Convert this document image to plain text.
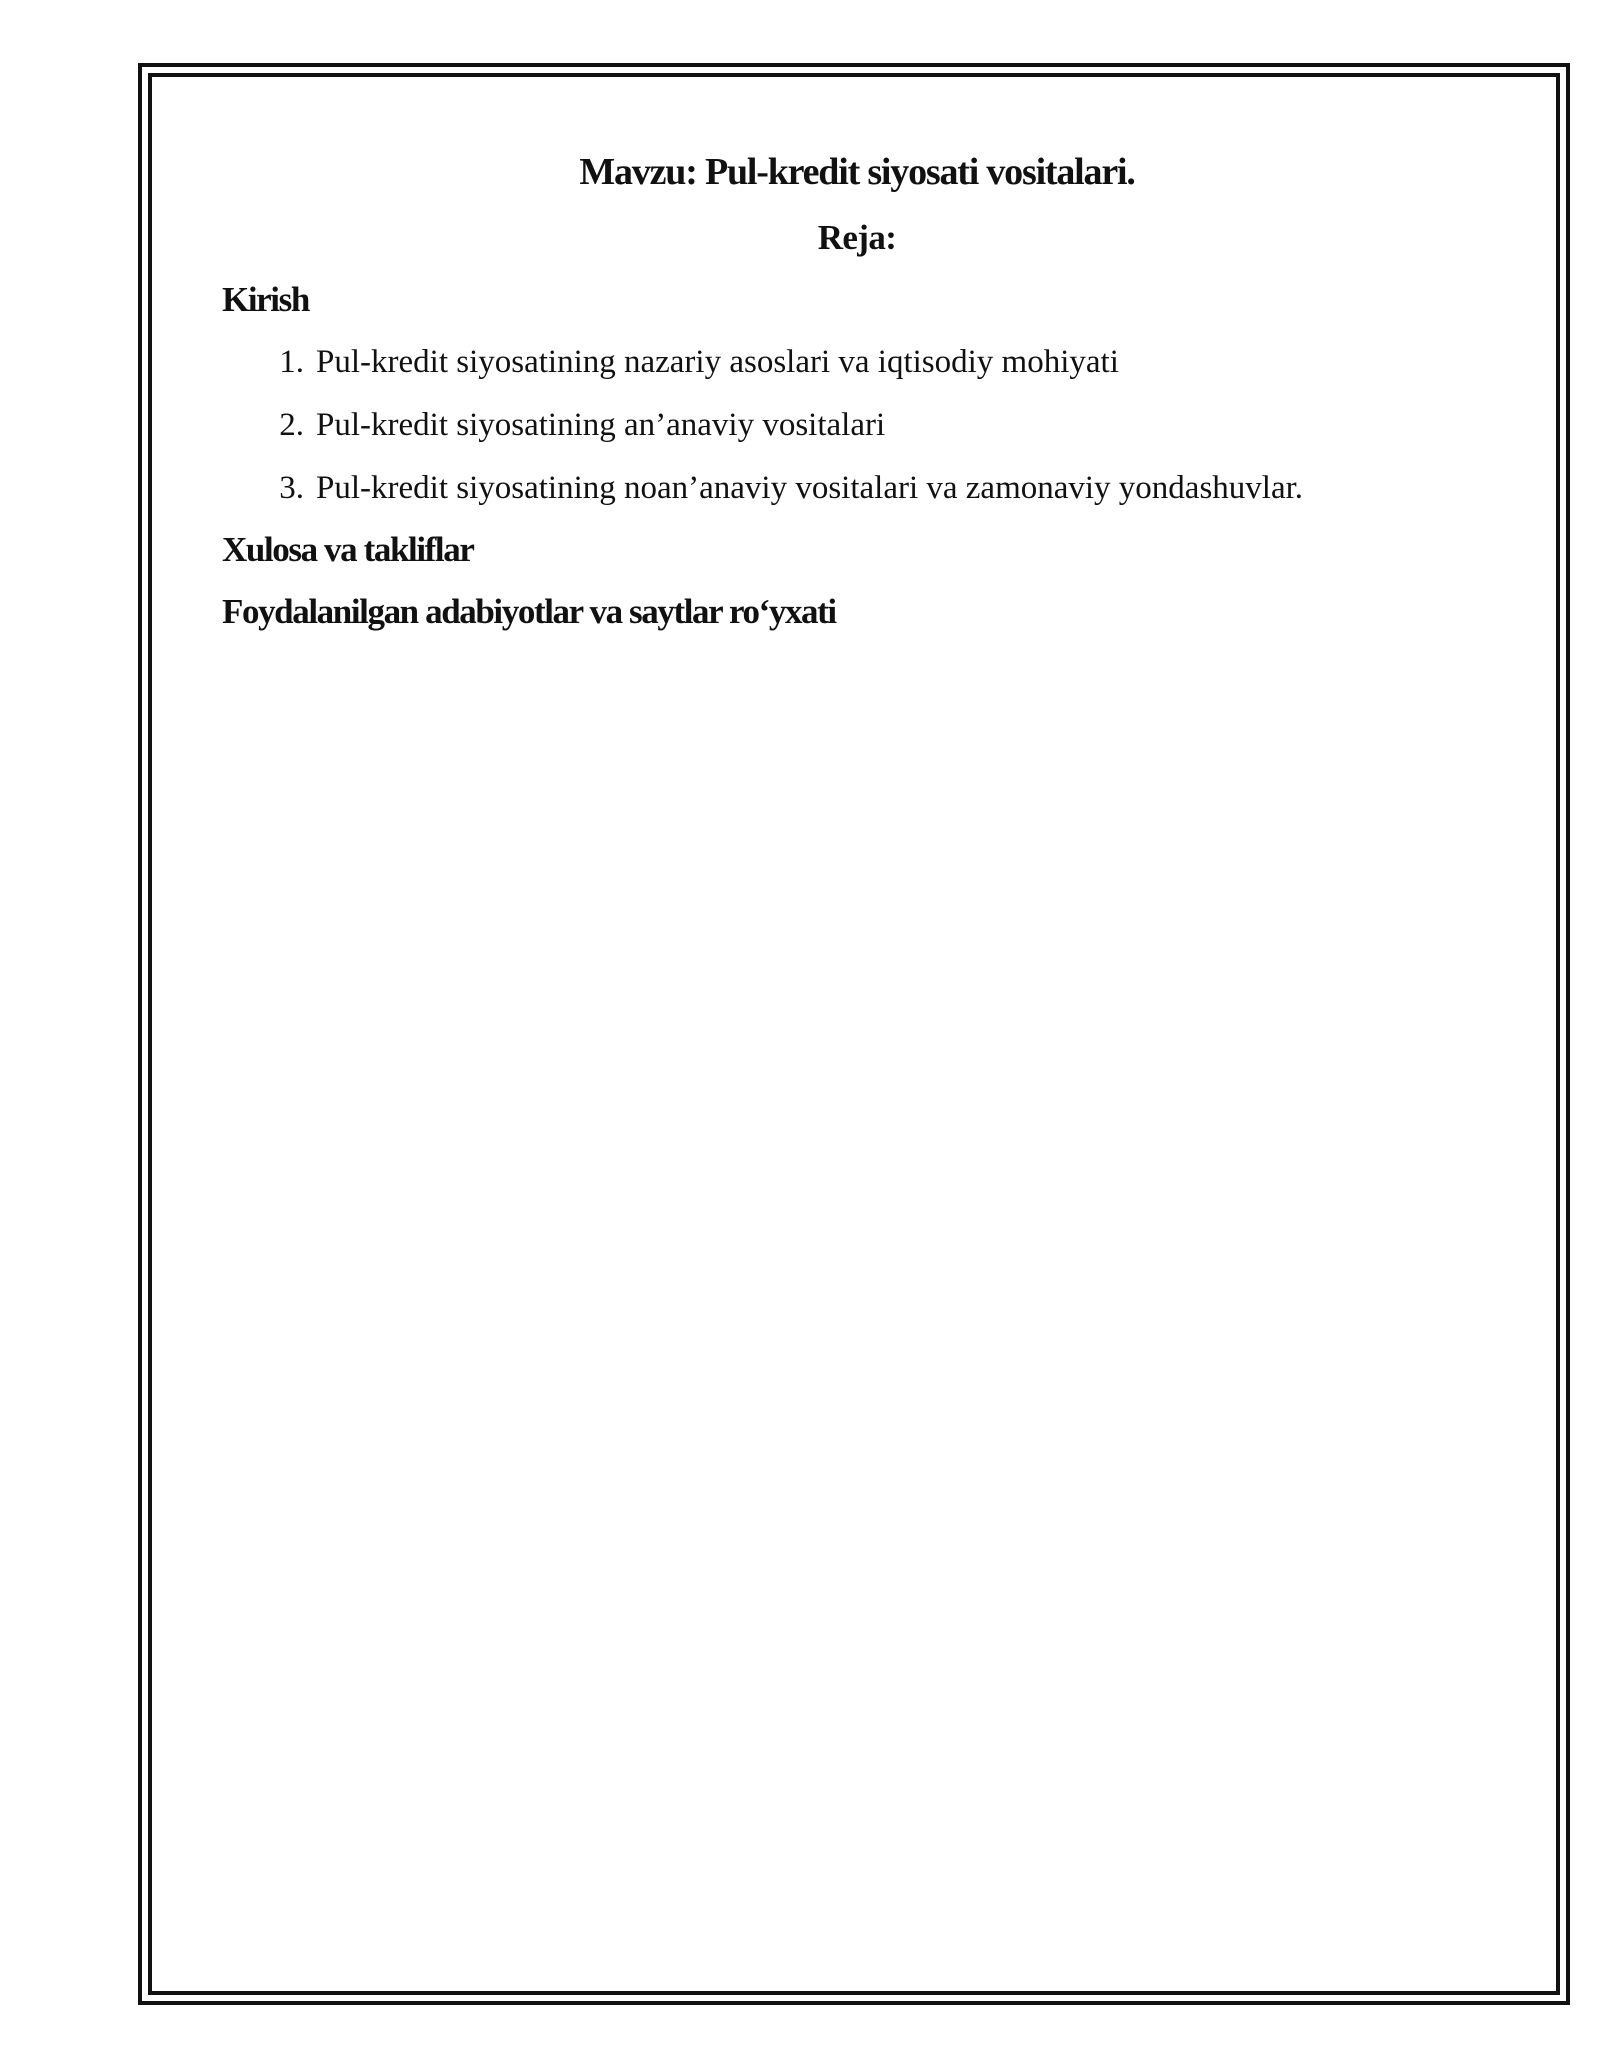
Mavzu: Pul-kredit siyosati vositalari.
Reja:
Kirish
1. Pul-kredit siyosatining nazariy asoslari va iqtisodiy mohiyati
2. Pul-kredit siyosatining an’anaviy vositalari
3. Pul-kredit siyosatining noan’anaviy vositalari va zamonaviy yondashuvlar.
Xulosa va takliflar
Foydalanilgan adabiyotlar va saytlar ro‘yxati
